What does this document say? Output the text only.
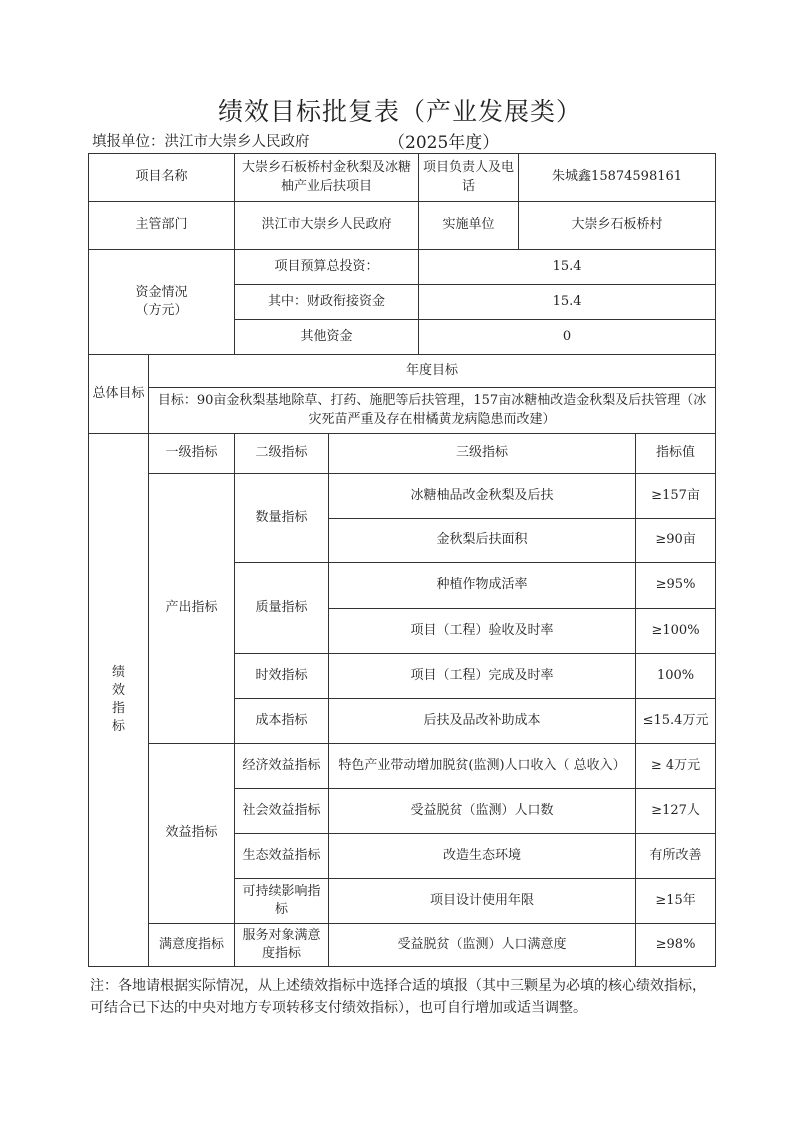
绩效目标批复表（产业发展类）
填报单位：洪江市大崇乡人民政府	（2025年度）
项目名称		大崇乡石板桥村金秋梨及冰糖柚产业后扶项目		项目负责人及电话	朱城鑫15874598161	
主管部门		洪江市大崇乡人民政府		实施单位	大崇乡石板桥村	
资金情况
（方元）		项目预算总投资：		15.4		
		其中：财政衔接资金		15.4		
		其他资金		0		
总体目标	年度目标					
	目标：90亩金秋梨基地除草、打药、施肥等后扶管理，157亩冰糖柚改造金秋梨及后扶管理（冰灾死苗严重及存在柑橘黄龙病隐患而改建）					
绩
效
指
标	一级指标	二级指标	三级指标			指标值
	产出指标	数量指标	冰糖柚品改金秋梨及后扶			≥157亩
			金秋梨后扶面积			≥90亩
		质量指标	种植作物成活率			≥95%
			项目（工程）验收及时率			≥100%
		时效指标	项目（工程）完成及时率			100%
		成本指标	后扶及品改补助成本			≤15.4万元
	效益指标	经济效益指标	特色产业带动增加脱贫(监测)人口收入（ 总收入）			≥ 4万元
		社会效益指标	受益脱贫（监测）人口数			≥127人
		生态效益指标	改造生态环境			有所改善
		可持续影响指标	项目设计使用年限			≥15年
	满意度指标	服务对象满意度指标	受益脱贫（监测）人口满意度			≥98%
注：各地请根据实际情况，从上述绩效指标中选择合适的填报（其中三颗星为必填的核心绩效指标，可结合已下达的中央对地方专项转移支付绩效指标），也可自行增加或适当调整。
